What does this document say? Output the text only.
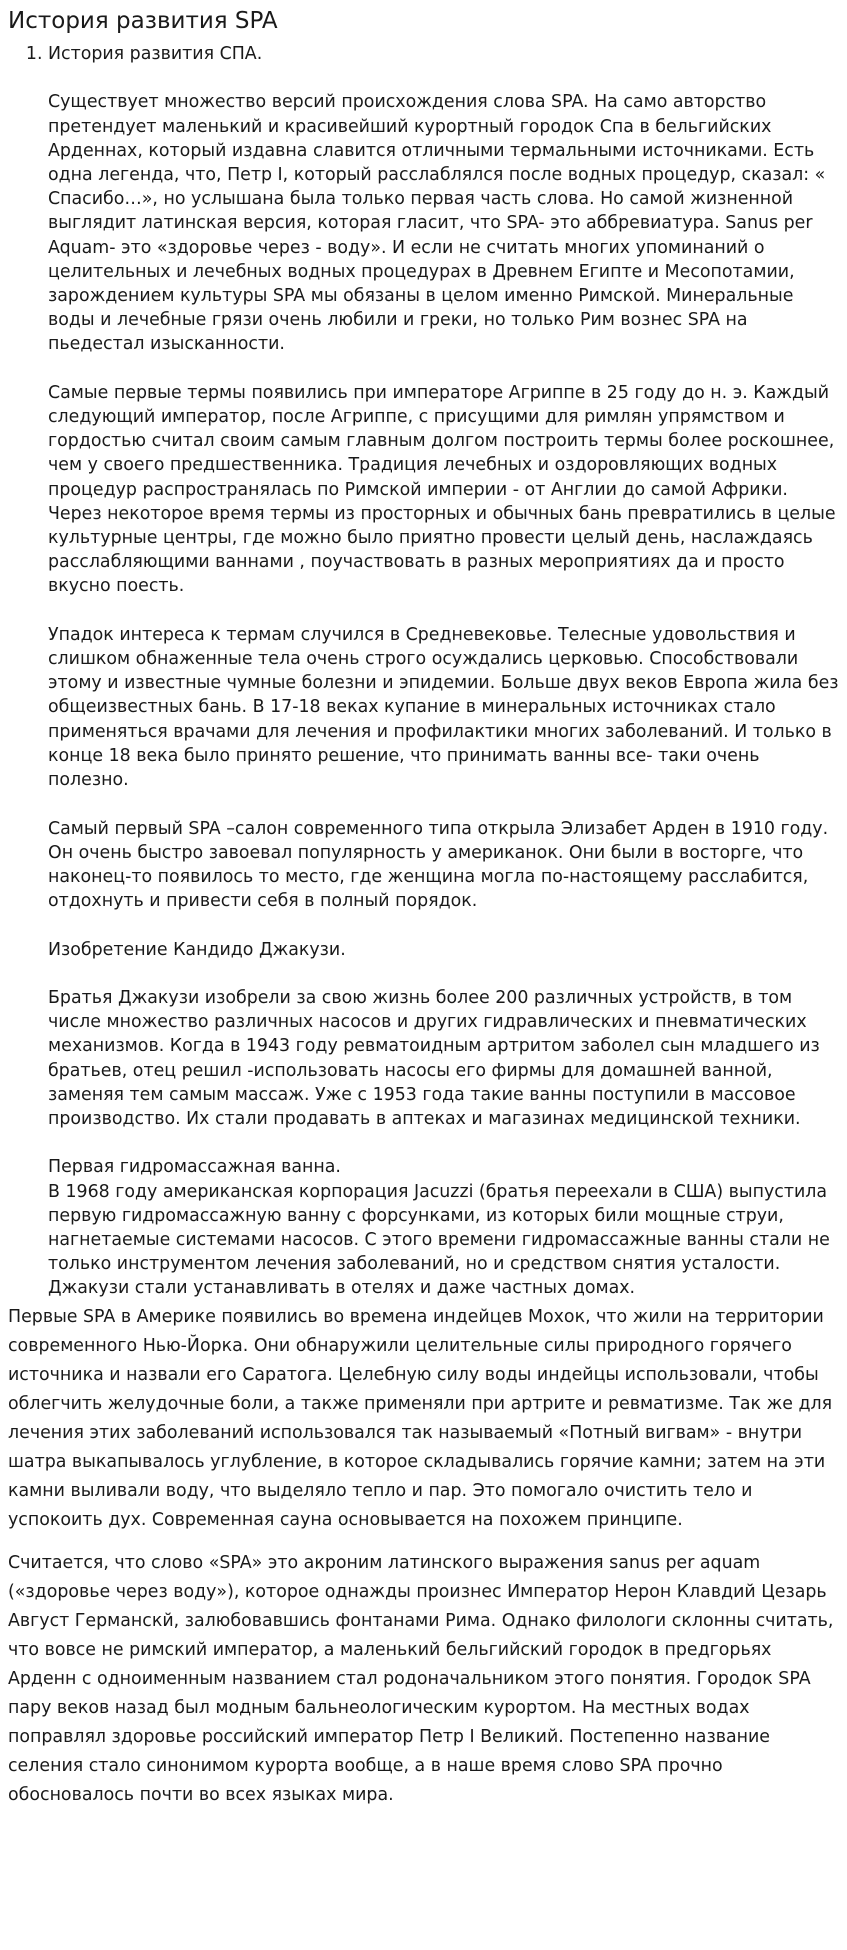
История развития SPA
1. История развития СПА.

Существует множество версий происхождения слова SPA. На само авторство претендует маленький и красивейший курортный городок Спа в бельгийских Арденнах, который издавна славится отличными термальными источниками. Есть одна легенда, что, Петр I, который расслаблялся после водных процедур, сказал: « Спасибо…», но услышана была только первая часть слова. Но самой жизненной выглядит латинская версия, которая гласит, что SPA- это аббревиатура. Sanus per Aquam- это «здоровье через - воду». И если не считать многих упоминаний о целительных и лечебных водных процедурах в Древнем Египте и Месопотамии, зарождением культуры SPA мы обязаны в целом именно Римской. Минеральные воды и лечебные грязи очень любили и греки, но только Рим вознес SPA на пьедестал изысканности.

Самые первые термы появились при императоре Агриппе в 25 году до н. э. Каждый следующий император, после Агриппе, с присущими для римлян упрямством и гордостью считал своим самым главным долгом построить термы более роскошнее, чем у своего предшественника. Традиция лечебных и оздоровляющих водных процедур распространялась по Римской империи - от Англии до самой Африки. Через некоторое время термы из просторных и обычных бань превратились в целые культурные центры, где можно было приятно провести целый день, наслаждаясь расслабляющими ваннами , поучаствовать в разных мероприятиях да и просто вкусно поесть.

Упадок интереса к термам случился в Средневековье. Телесные удовольствия и слишком обнаженные тела очень строго осуждались церковью. Способствовали этому и известные чумные болезни и эпидемии. Больше двух веков Европа жила без общеизвестных бань. В 17-18 веках купание в минеральных источниках стало применяться врачами для лечения и профилактики многих заболеваний. И только в конце 18 века было принято решение, что принимать ванны все- таки очень полезно.

Самый первый SPA –салон современного типа открыла Элизабет Арден в 1910 году. Он очень быстро завоевал популярность у американок. Они были в восторге, что наконец-то появилось то место, где женщина могла по-настоящему расслабится, отдохнуть и привести себя в полный порядок.

Изобретение Кандидо Джакузи.

Братья Джакузи изобрели за свою жизнь более 200 различных устройств, в том числе множество различных насосов и других гидравлических и пневматических механизмов. Когда в 1943 году ревматоидным артритом заболел сын младшего из братьев, отец решил -использовать насосы его фирмы для домашней ванной, заменяя тем самым массаж. Уже с 1953 года такие ванны поступили в массовое производство. Их стали продавать в аптеках и магазинах медицинской техники.

Первая гидромассажная ванна.
В 1968 году американская корпорация Jacuzzi (братья переехали в США) выпустила первую гидромассажную ванну с форсунками, из которых били мощные струи, нагнетаемые системами насосов. С этого времени гидромассажные ванны стали не только инструментом лечения заболеваний, но и средством снятия усталости. Джакузи стали устанавливать в отелях и даже частных домах.

Первые SPA в Америке появились во времена индейцев Мохок, что жили на территории современного Нью-Йорка. Они обнаружили целительные силы природного горячего источника и назвали его Саратога. Целебную силу воды индейцы использовали, чтобы облегчить желудочные боли, а также применяли при артрите и ревматизме. Так же для лечения этих заболеваний использовался так называемый «Потный вигвам» - внутри шатра выкапывалось углубление, в которое складывались горячие камни; затем на эти камни выливали воду, что выделяло тепло и пар. Это помогало очистить тело и успокоить дух. Современная сауна основывается на похожем принципе.

Считается, что слово «SPA» это акроним латинского выражения sanus per aquam («здоровье через воду»), которое однажды произнес Император Нерон Клавдий Цезарь Август Германскй, залюбовавшись фонтанами Рима. Однако филологи склонны считать, что вовсе не римский император, а маленький бельгийский городок в предгорьях Арденн с одноименным названием стал родоначальником этого понятия. Городок SPA пару веков назад был модным бальнеологическим курортом. На местных водах поправлял здоровье российский император Петр I Великий. Постепенно название селения стало синонимом курорта вообще, а в наше время слово SPA прочно обосновалось почти во всех языках мира.
